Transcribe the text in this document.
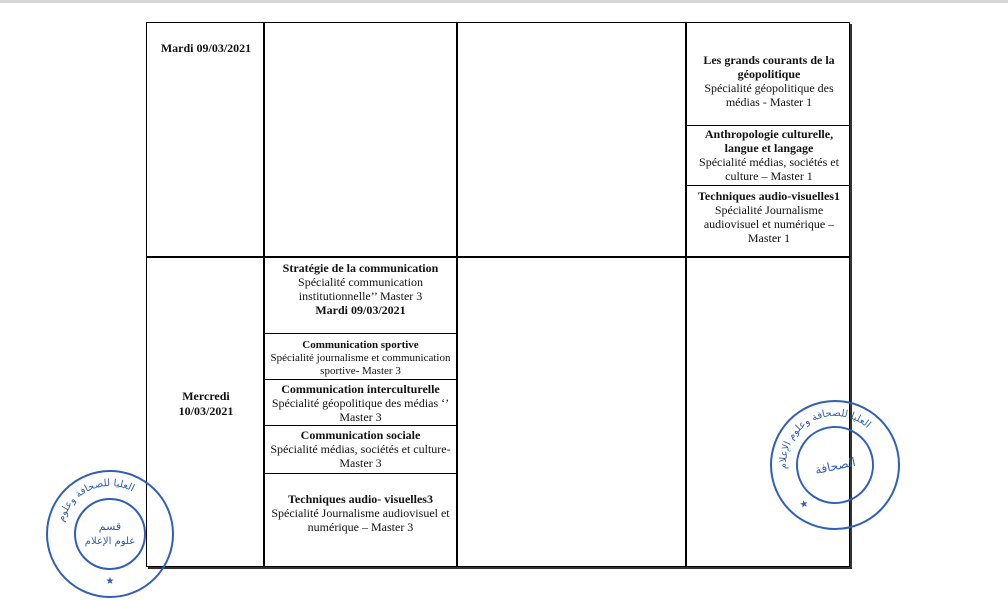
Mardi 09/03/2021
Les grands courants de la géopolitique
Spécialité géopolitique des médias - Master 1
Anthropologie culturelle, langue et langage
Spécialité médias, sociétés et culture – Master 1
Techniques audio-visuelles1
Spécialité Journalisme audiovisuel et numérique – Master 1
Mercredi 10/03/2021
Stratégie de la communication
Spécialité communication institutionnelle’’ Master 3
Mardi 09/03/2021
Communication sportive
Spécialité journalisme et communication sportive- Master 3
Communication interculturelle
Spécialité géopolitique des médias ‘’ Master 3
Communication sociale
Spécialité médias, sociétés et culture- Master 3
Techniques audio- visuelles3
Spécialité Journalisme audiovisuel et numérique – Master 3
العليا للصحافة وعلوم
قسم
علوم الإعلام
★
العليا للصحافة وعلوم الإعلام
الصحافة
★
